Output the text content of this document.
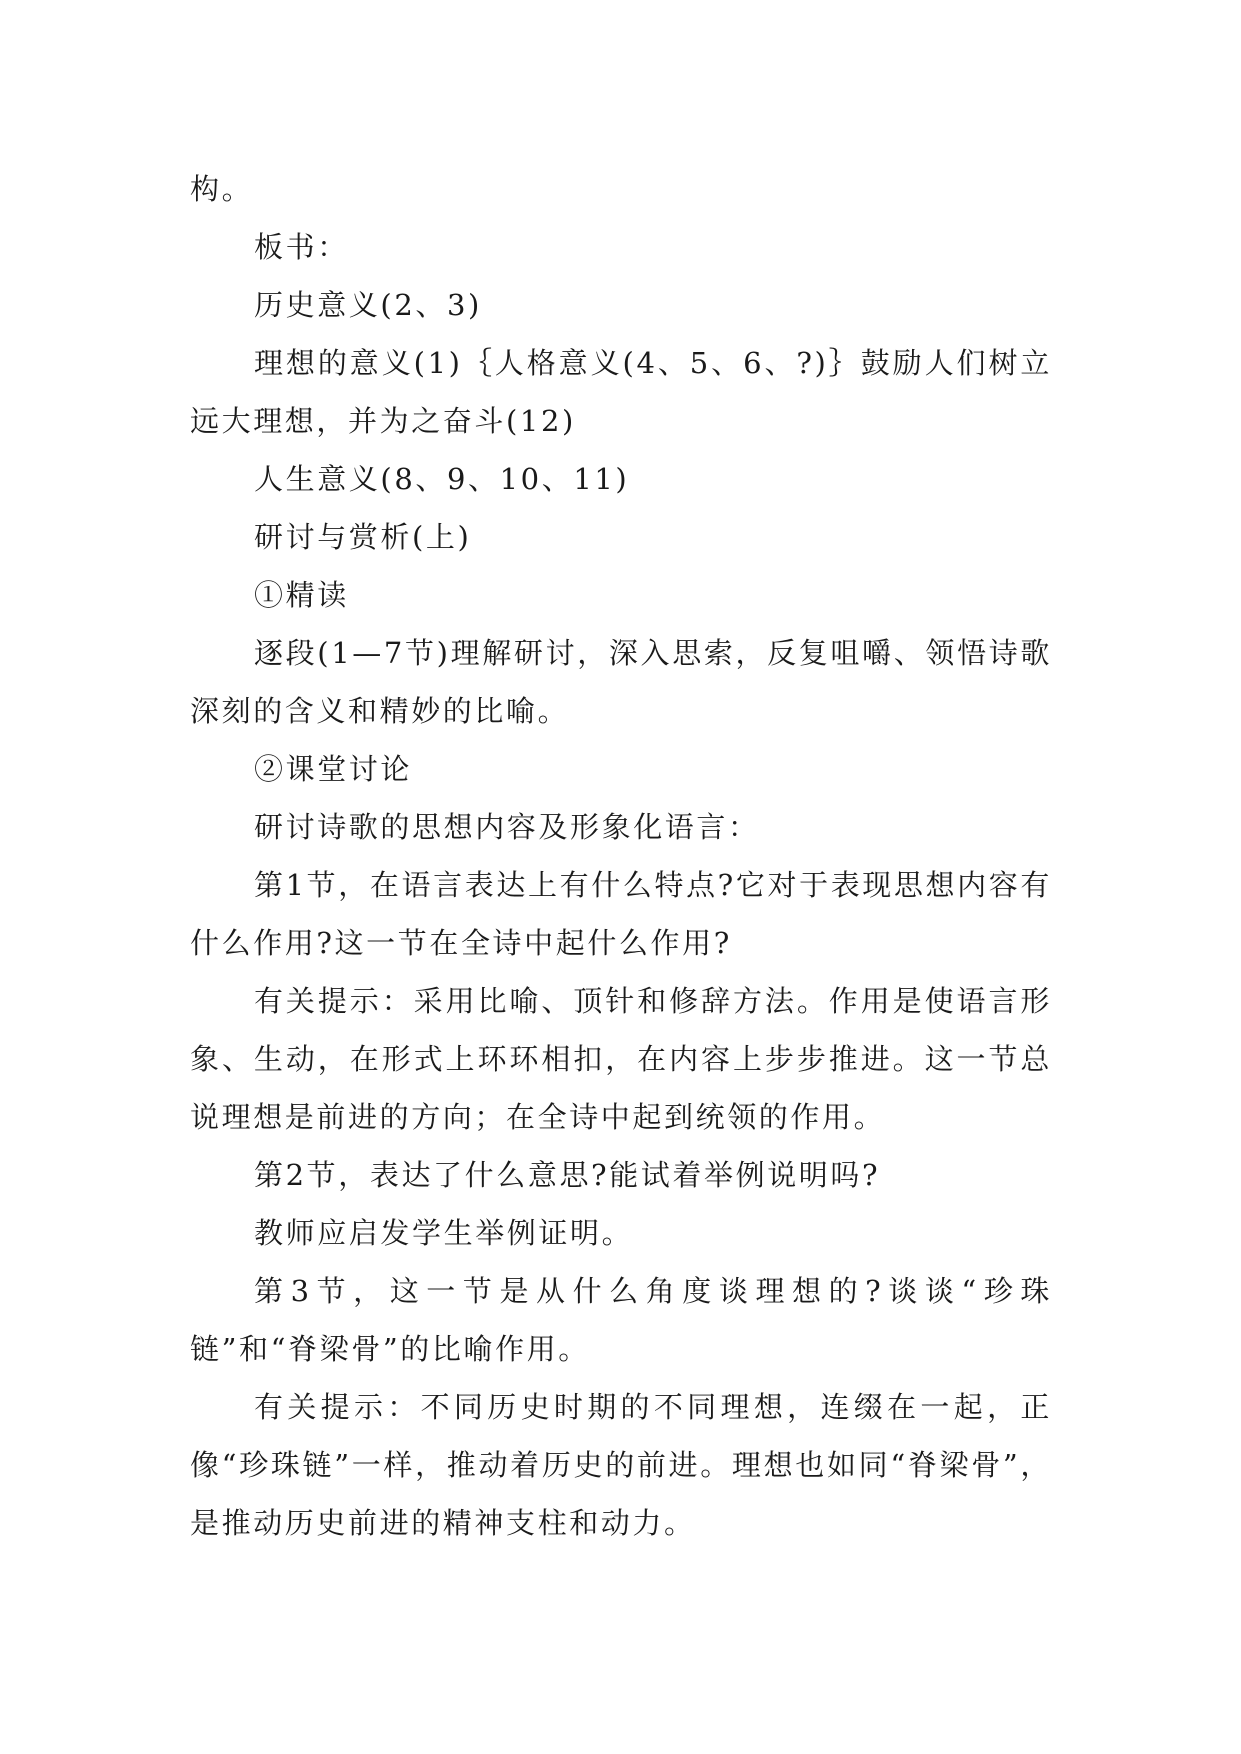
构。

板书：

历史意义(2、3)

理想的意义(1)｛人格意义(4、5、6、?)｝鼓励人们树立远大理想，并为之奋斗(12)

人生意义(8、9、10、11)

研讨与赏析(上)

①精读

逐段(1—7节)理解研讨，深入思索，反复咀嚼、领悟诗歌深刻的含义和精妙的比喻。

②课堂讨论

研讨诗歌的思想内容及形象化语言：

第1节，在语言表达上有什么特点?它对于表现思想内容有什么作用?这一节在全诗中起什么作用?

有关提示：采用比喻、顶针和修辞方法。作用是使语言形象、生动，在形式上环环相扣，在内容上步步推进。这一节总说理想是前进的方向；在全诗中起到统领的作用。

第2节，表达了什么意思?能试着举例说明吗?

教师应启发学生举例证明。

第3节，这一节是从什么角度谈理想的?谈谈“珍珠链”和“脊梁骨”的比喻作用。

有关提示：不同历史时期的不同理想，连缀在一起，正像“珍珠链”一样，推动着历史的前进。理想也如同“脊梁骨”，是推动历史前进的精神支柱和动力。
